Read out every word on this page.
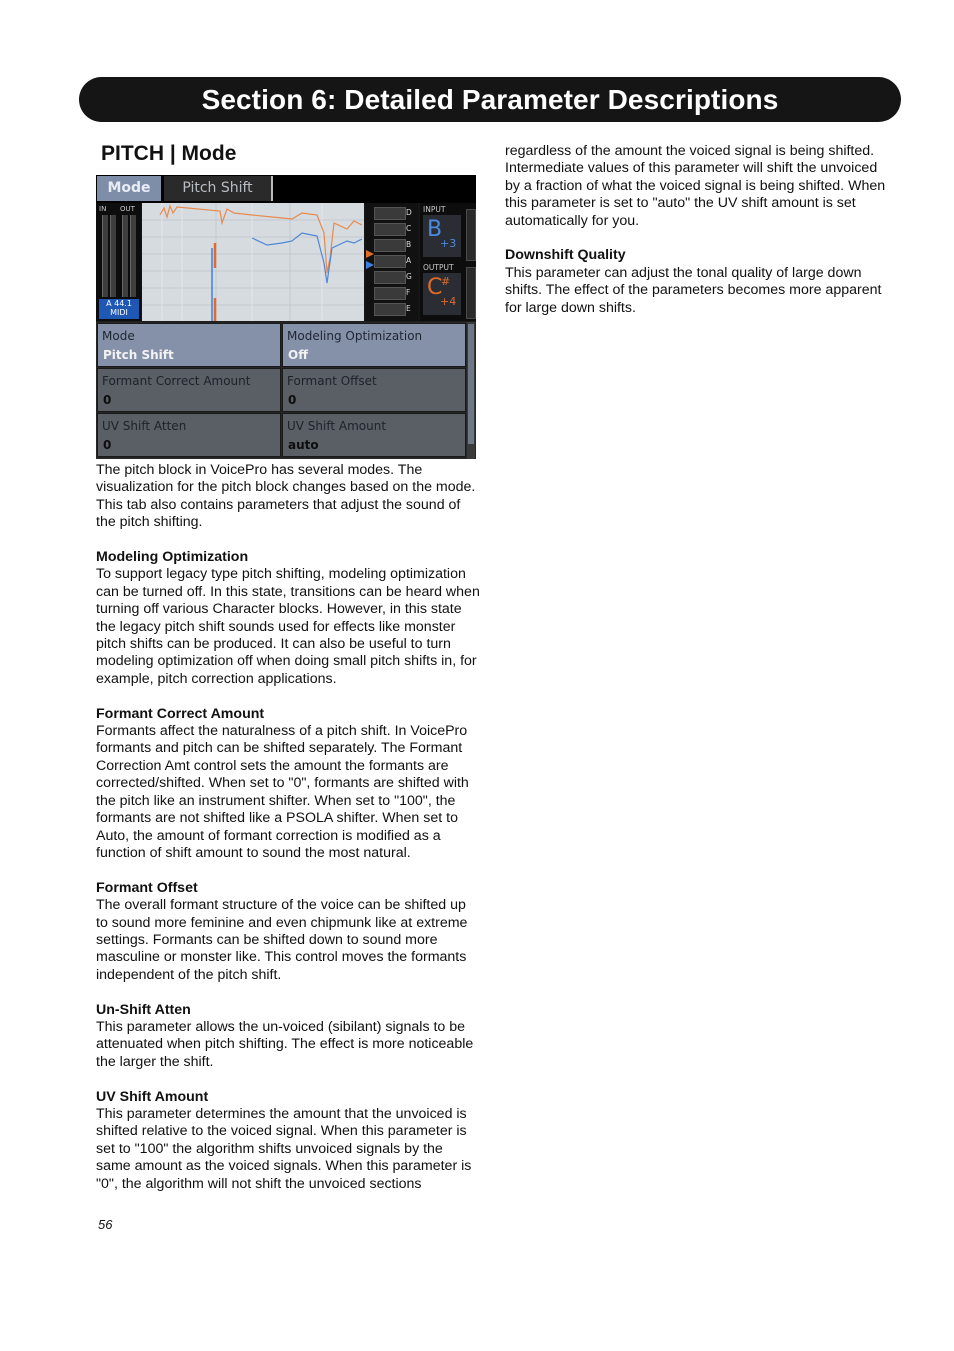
Section 6: Detailed Parameter Descriptions
PITCH | Mode
Mode	Pitch Shift
IN OUT
A 44.1
MIDI
D
C
B
A
G
F
E
INPUT
B
+3
OUTPUT
C
#
+4
Mode
Pitch Shift
Modeling Optimization
Off
Formant Correct Amount
0
Formant Offset
0
UV Shift Atten
0
UV Shift Amount
auto

The pitch block in VoicePro has several modes. The visualization for the pitch block changes based on the mode. This tab also contains parameters that adjust the sound of the pitch shifting.

Modeling Optimization

To support legacy type pitch shifting, modeling optimization can be turned off. In this state, transitions can be heard when turning off various Character blocks. However, in this state the legacy pitch shift sounds used for effects like monster pitch shifts can be produced. It can also be useful to turn modeling optimization off when doing small pitch shifts in, for example, pitch correction applications.

Formant Correct Amount

Formants affect the naturalness of a pitch shift. In VoicePro formants and pitch can be shifted separately. The Formant Correction Amt control sets the amount the formants are corrected/shifted. When set to "0", formants are shifted with the pitch like an instrument shifter. When set to "100", the formants are not shifted like a PSOLA shifter. When set to Auto, the amount of formant correction is modified as a function of shift amount to sound the most natural.

Formant Offset

The overall formant structure of the voice can be shifted up to sound more feminine and even chipmunk like at extreme settings. Formants can be shifted down to sound more masculine or monster like. This control moves the formants independent of the pitch shift.

Un-Shift Atten

This parameter allows the un-voiced (sibilant) signals to be attenuated when pitch shifting. The effect is more noticeable the larger the shift.

UV Shift Amount

This parameter determines the amount that the unvoiced is shifted relative to the voiced signal. When this parameter is set to "100" the algorithm shifts unvoiced signals by the same amount as the voiced signals. When this parameter is "0", the algorithm will not shift the unvoiced sections

regardless of the amount the voiced signal is being shifted. Intermediate values of this parameter will shift the unvoiced by a fraction of what the voiced signal is being shifted. When this parameter is set to "auto" the UV shift amount is set automatically for you.

Downshift Quality

This parameter can adjust the tonal quality of large down shifts. The effect of the parameters becomes more apparent for large down shifts.

56
